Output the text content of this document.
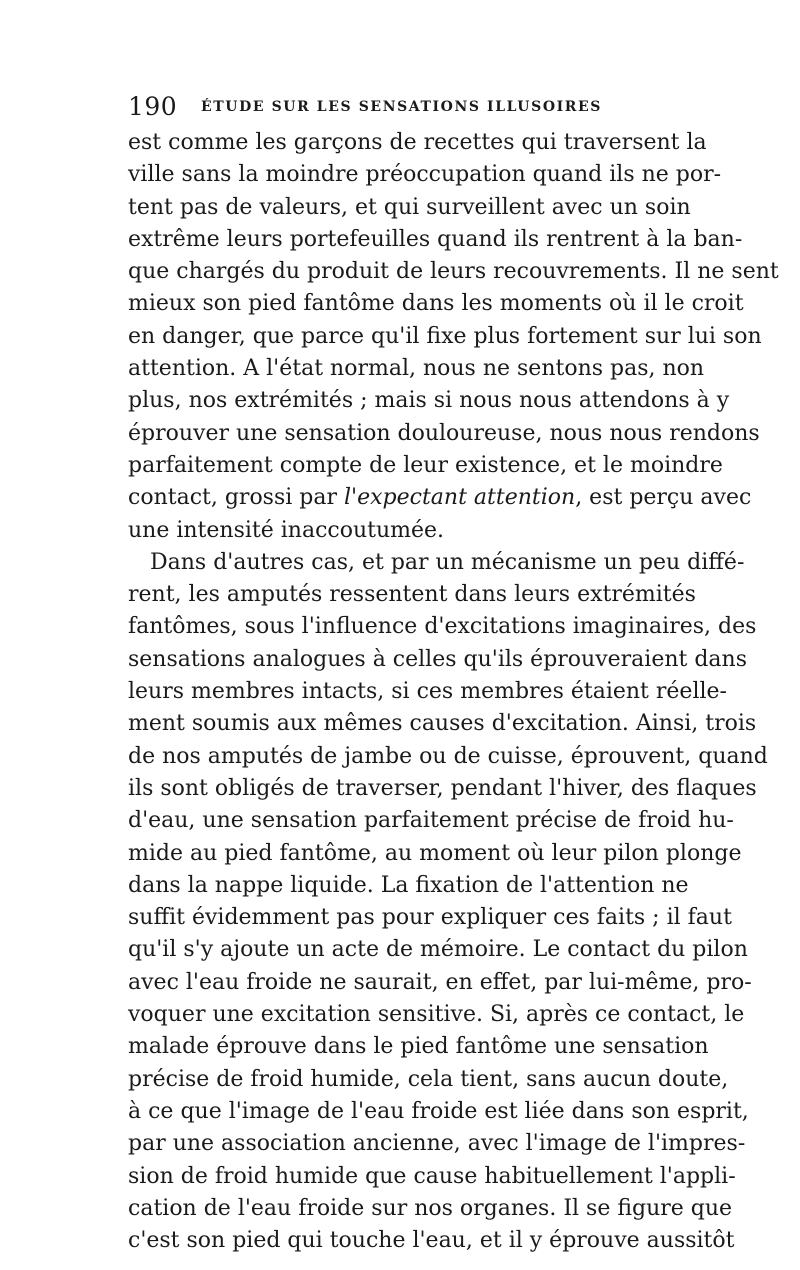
190 ÉTUDE SUR LES SENSATIONS ILLUSOIRES
est comme les garçons de recettes qui traversent la
ville sans la moindre préoccupation quand ils ne por-
tent pas de valeurs, et qui surveillent avec un soin
extrême leurs portefeuilles quand ils rentrent à la ban-
que chargés du produit de leurs recouvrements. Il ne sent
mieux son pied fantôme dans les moments où il le croit
en danger, que parce qu'il fixe plus fortement sur lui son
attention. A l'état normal, nous ne sentons pas, non
plus, nos extrémités ; mais si nous nous attendons à y
éprouver une sensation douloureuse, nous nous rendons
parfaitement compte de leur existence, et le moindre
contact, grossi par l'expectant attention, est perçu avec
une intensité inaccoutumée.
Dans d'autres cas, et par un mécanisme un peu diffé-
rent, les amputés ressentent dans leurs extrémités
fantômes, sous l'influence d'excitations imaginaires, des
sensations analogues à celles qu'ils éprouveraient dans
leurs membres intacts, si ces membres étaient réelle-
ment soumis aux mêmes causes d'excitation. Ainsi, trois
de nos amputés de jambe ou de cuisse, éprouvent, quand
ils sont obligés de traverser, pendant l'hiver, des flaques
d'eau, une sensation parfaitement précise de froid hu-
mide au pied fantôme, au moment où leur pilon plonge
dans la nappe liquide. La fixation de l'attention ne
suffit évidemment pas pour expliquer ces faits ; il faut
qu'il s'y ajoute un acte de mémoire. Le contact du pilon
avec l'eau froide ne saurait, en effet, par lui-même, pro-
voquer une excitation sensitive. Si, après ce contact, le
malade éprouve dans le pied fantôme une sensation
précise de froid humide, cela tient, sans aucun doute,
à ce que l'image de l'eau froide est liée dans son esprit,
par une association ancienne, avec l'image de l'impres-
sion de froid humide que cause habituellement l'appli-
cation de l'eau froide sur nos organes. Il se figure que
c'est son pied qui touche l'eau, et il y éprouve aussitôt
